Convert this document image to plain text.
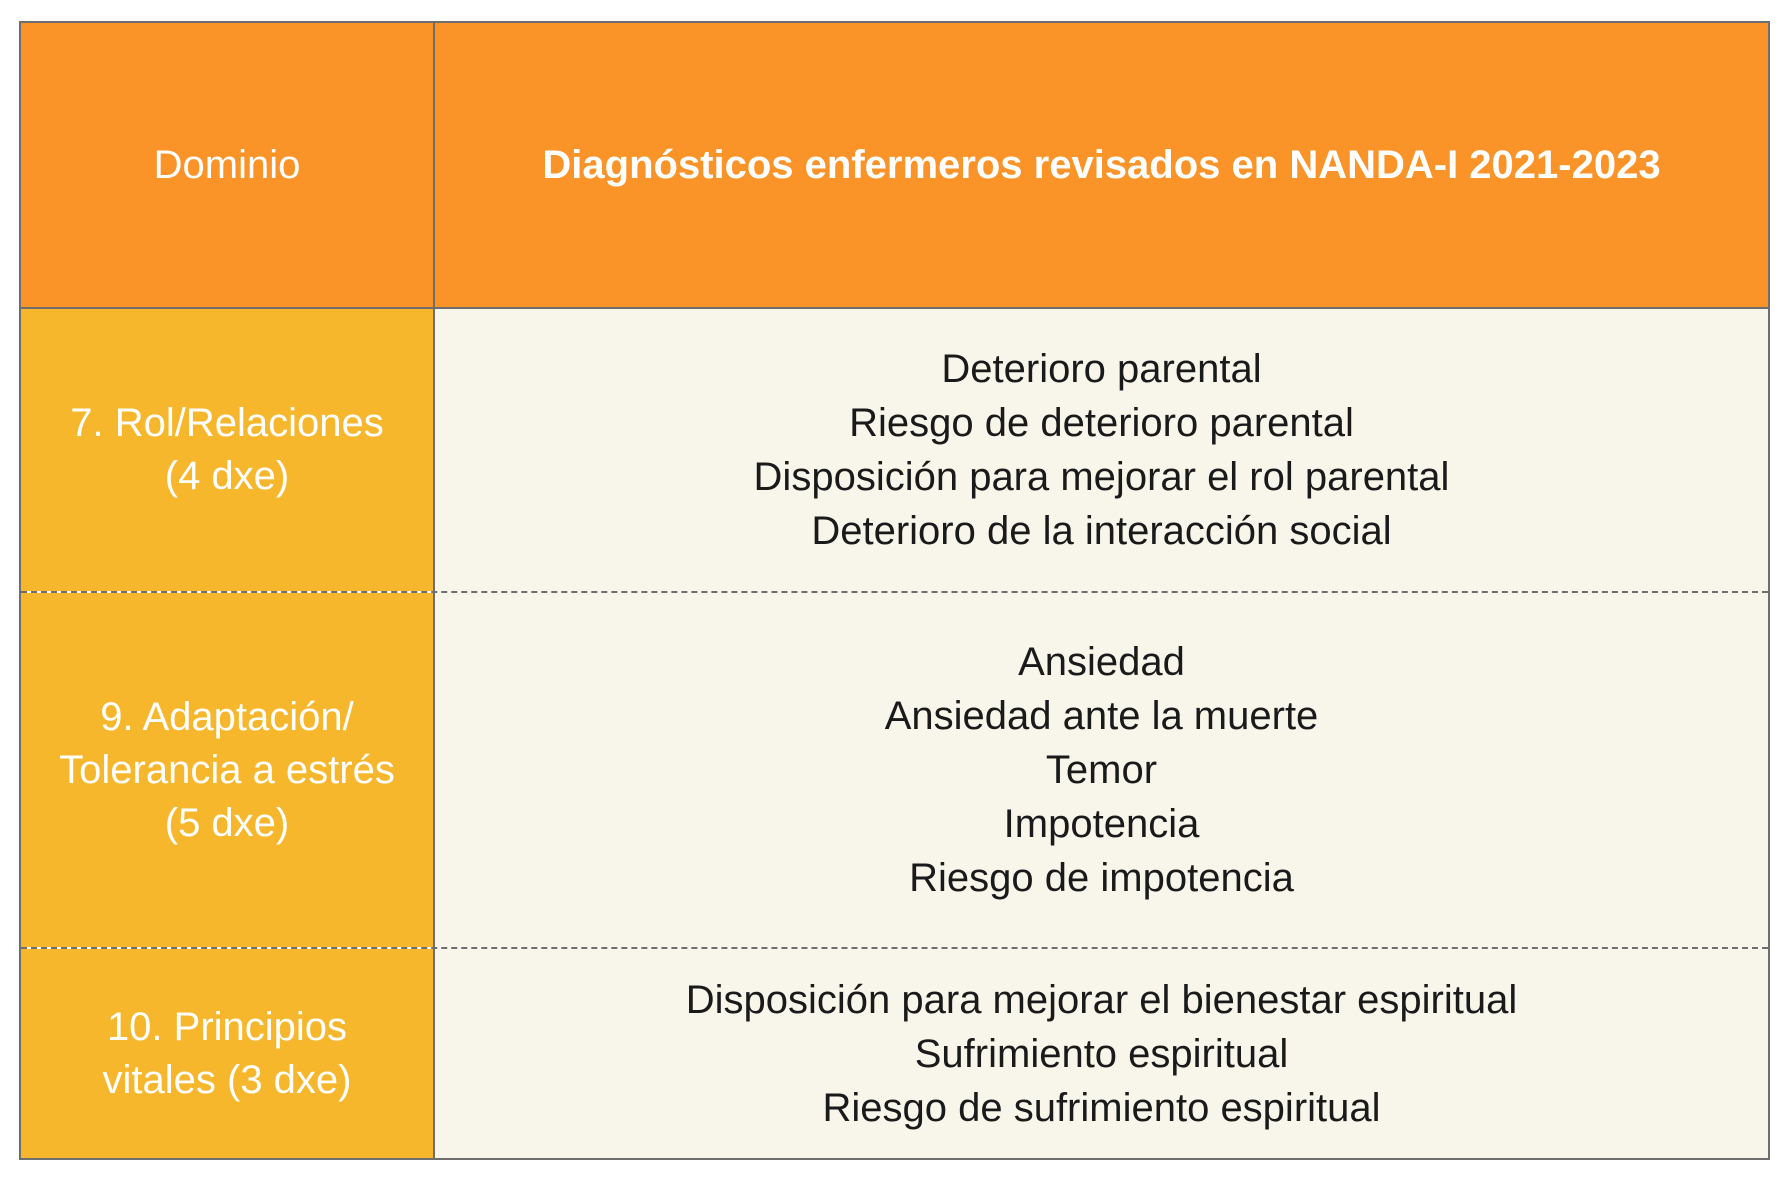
Dominio	Diagnósticos enfermeros revisados en NANDA-I 2021-2023
7. Rol/Relaciones
(4 dxe)
Deterioro parental
Riesgo de deterioro parental
Disposición para mejorar el rol parental
Deterioro de la interacción social
9. Adaptación/
Tolerancia a estrés
(5 dxe)
Ansiedad
Ansiedad ante la muerte
Temor
Impotencia
Riesgo de impotencia
10. Principios
vitales (3 dxe)
Disposición para mejorar el bienestar espiritual
Sufrimiento espiritual
Riesgo de sufrimiento espiritual
